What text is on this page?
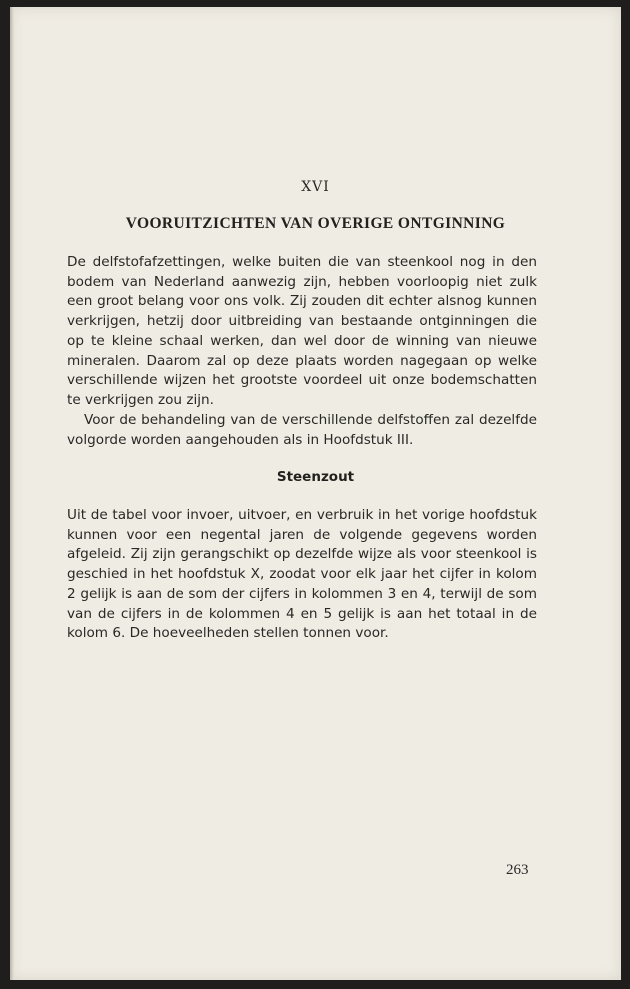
XVI
VOORUITZICHTEN VAN OVERIGE ONTGINNING

De delfstofafzettingen, welke buiten die van steenkool nog in den bodem van Nederland aanwezig zijn, hebben voorloopig niet zulk een groot belang voor ons volk. Zij zouden dit echter alsnog kunnen verkrijgen, hetzij door uitbreiding van bestaande ontginningen die op te kleine schaal werken, dan wel door de winning van nieuwe mineralen. Daarom zal op deze plaats worden nagegaan op welke verschillende wijzen het grootste voordeel uit onze bodemschatten te verkrijgen zou zijn.

Voor de behandeling van de verschillende delfstoffen zal dezelfde volgorde worden aangehouden als in Hoofdstuk III.

Steenzout

Uit de tabel voor invoer, uitvoer, en verbruik in het vorige hoofdstuk kunnen voor een negental jaren de volgende gegevens worden afgeleid. Zij zijn gerangschikt op dezelfde wijze als voor steenkool is geschied in het hoofdstuk X, zoodat voor elk jaar het cijfer in kolom 2 gelijk is aan de som der cijfers in kolommen 3 en 4, terwijl de som van de cijfers in de kolommen 4 en 5 gelijk is aan het totaal in de kolom 6. De hoeveelheden stellen tonnen voor.

263
